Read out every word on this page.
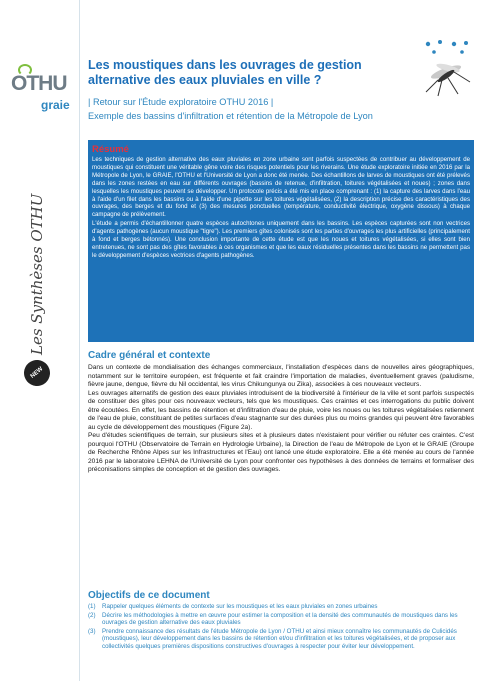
OTHU
graie
NEW
Les Synthèses OTHU
Les moustiques dans les ouvrages de gestion alternative des eaux pluviales en ville ?
| Retour sur l'Étude exploratoire OTHU 2016 |
Exemple des bassins d'infiltration et rétention de la Métropole de Lyon
Résumé

Les techniques de gestion alternative des eaux pluviales en zone urbaine sont parfois suspectées de contribuer au développement de moustiques qui constituent une véritable gêne voire des risques potentiels pour les riverains. Une étude exploratoire initiée en 2016 par la Métropole de Lyon, le GRAIE, l'OTHU et l'Université de Lyon a donc été menée. Des échantillons de larves de moustiques ont été prélevés dans les zones restées en eau sur différents ouvrages (bassins de retenue, d'infiltration, toitures végétalisées et noues) ; zones dans lesquelles les moustiques peuvent se développer. Un protocole précis a été mis en place comprenant : (1) la capture des larves dans l'eau à l'aide d'un filet dans les bassins ou à l'aide d'une pipette sur les toitures végétalisées, (2) la description précise des caractéristiques des ouvrages, des berges et du fond et (3) des mesures ponctuelles (température, conductivité électrique, oxygène dissous) à chaque campagne de prélèvement.

L'étude a permis d'échantillonner quatre espèces autochtones uniquement dans les bassins. Les espèces capturées sont non vectrices d'agents pathogènes (aucun moustique "tigre"). Les premiers gîtes colonisés sont les parties d'ouvrages les plus artificielles (principalement à fond et berges bétonnés). Une conclusion importante de cette étude est que les noues et toitures végétalisées, si elles sont bien entretenues, ne sont pas des gîtes favorables à ces organismes et que les eaux résiduelles présentes dans les bassins ne permettent pas le développement d'espèces vectrices d'agents pathogènes.

Cadre général et contexte

Dans un contexte de mondialisation des échanges commerciaux, l'installation d'espèces dans de nouvelles aires géographiques, notamment sur le territoire européen, est fréquente et fait craindre l'importation de maladies, éventuellement graves (paludisme, fièvre jaune, dengue, fièvre du Nil occidental, les virus Chikungunya ou Zika), associées à ces nouveaux vecteurs.

Les ouvrages alternatifs de gestion des eaux pluviales introduisent de la biodiversité à l'intérieur de la ville et sont parfois suspectés de constituer des gîtes pour ces nouveaux vecteurs, tels que les moustiques. Ces craintes et ces interrogations du public doivent être écoutées. En effet, les bassins de rétention et d'infiltration d'eau de pluie, voire les noues ou les toitures végétalisées retiennent de l'eau de pluie, constituant de petites surfaces d'eau stagnante sur des durées plus ou moins grandes qui peuvent être favorables au cycle de développement des moustiques (Figure 2a).

Peu d'études scientifiques de terrain, sur plusieurs sites et à plusieurs dates n'existaient pour vérifier ou réfuter ces craintes. C'est pourquoi l'OTHU (Observatoire de Terrain en Hydrologie Urbaine), la Direction de l'eau de Métropole de Lyon et le GRAIE (Groupe de Recherche Rhône Alpes sur les Infrastructures et l'Eau) ont lancé une étude exploratoire. Elle a été menée au cours de l'année 2016 par le laboratoire LEHNA de l'Université de Lyon pour confronter ces hypothèses à des données de terrains et formaliser des préconisations simples de conception et de gestion des ouvrages.

Objectifs de ce document
(1)	Rappeler quelques éléments de contexte sur les moustiques et les eaux pluviales en zones urbaines
(2)	Décrire les méthodologies à mettre en œuvre pour estimer la composition et la densité des communautés de moustiques dans les ouvrages de gestion alternative des eaux pluviales
(3)	Prendre connaissance des résultats de l'étude Métropole de Lyon / OTHU et ainsi mieux connaître les communautés de Culicidés (moustiques), leur développement dans les bassins de rétention et/ou d'infiltration et les toitures végétalisées, et de proposer aux collectivités quelques premières dispositions constructives d'ouvrages à respecter pour éviter leur développement.
